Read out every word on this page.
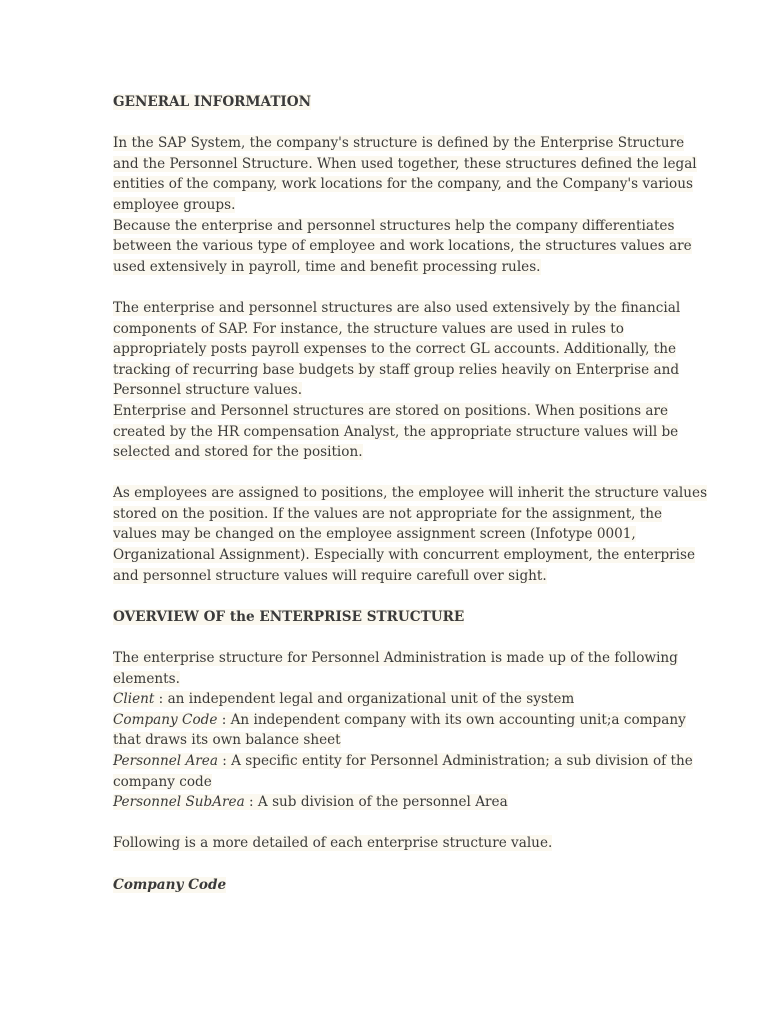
GENERAL INFORMATION
In the SAP System, the company's structure is defined by the Enterprise Structure
and the Personnel Structure. When used together, these structures defined the legal
entities of the company, work locations for the company, and the Company's various
employee groups.
Because the enterprise and personnel structures help the company differentiates
between the various type of employee and work locations, the structures values are
used extensively in payroll, time and benefit processing rules.
The enterprise and personnel structures are also used extensively by the financial
components of SAP. For instance, the structure values are used in rules to
appropriately posts payroll expenses to the correct GL accounts. Additionally, the
tracking of recurring base budgets by staff group relies heavily on Enterprise and
Personnel structure values.
Enterprise and Personnel structures are stored on positions. When positions are
created by the HR compensation Analyst, the appropriate structure values will be
selected and stored for the position.
As employees are assigned to positions, the employee will inherit the structure values
stored on the position. If the values are not appropriate for the assignment, the
values may be changed on the employee assignment screen (Infotype 0001,
Organizational Assignment). Especially with concurrent employment, the enterprise
and personnel structure values will require carefull over sight.
OVERVIEW OF the ENTERPRISE STRUCTURE
The enterprise structure for Personnel Administration is made up of the following
elements.
Client : an independent legal and organizational unit of the system
Company Code : An independent company with its own accounting unit;a company
that draws its own balance sheet
Personnel Area : A specific entity for Personnel Administration; a sub division of the
company code
Personnel SubArea : A sub division of the personnel Area
Following is a more detailed of each enterprise structure value.
Company Code
